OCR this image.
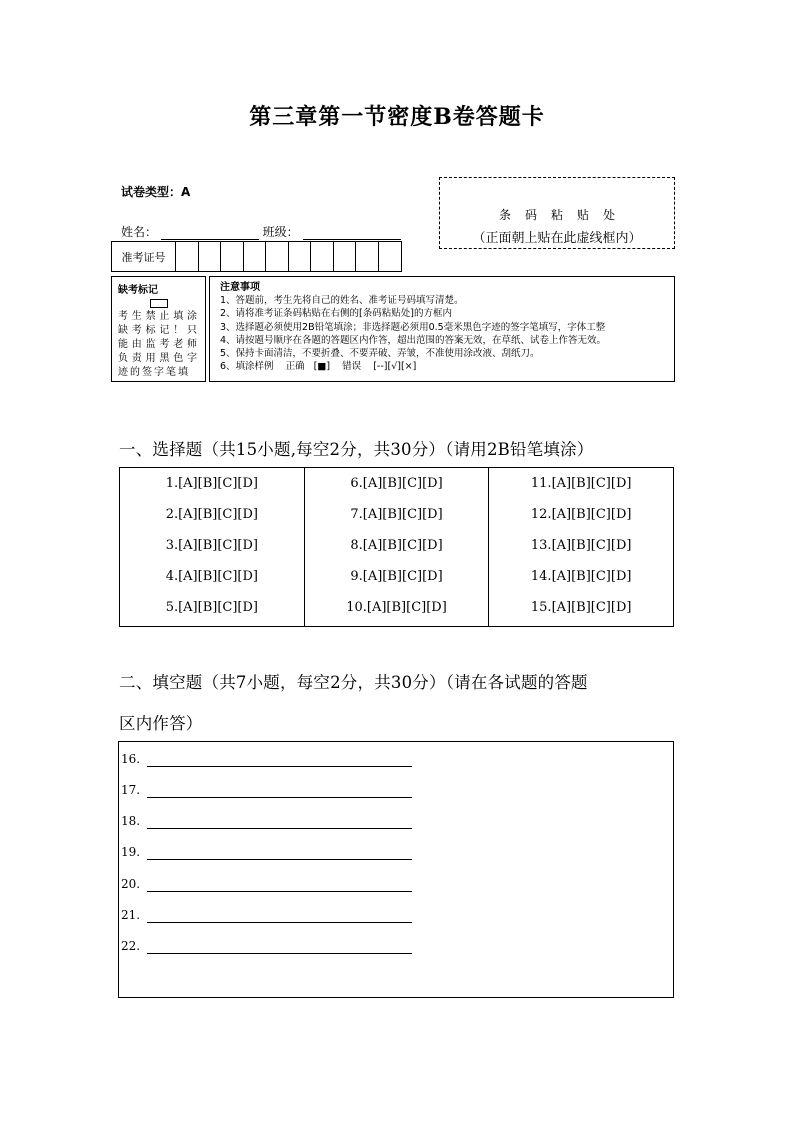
第三章第一节密度B卷答题卡
试卷类型：A
姓名：	班级：
条码粘贴处
（正面朝上贴在此虚线框内）
准考证号
缺考标记
考生禁止填涂缺考标记！只能由监考老师负责用黑色字迹的签字笔填
注意事项
1、答题前，考生先将自己的姓名、准考证号码填写清楚。
2、请将准考证条码粘贴在右侧的[条码粘贴处]的方框内
3、选择题必须使用2B铅笔填涂；非选择题必须用0.5毫米黑色字迹的签字笔填写，字体工整
4、请按题号顺序在各题的答题区内作答，超出范围的答案无效，在草纸、试卷上作答无效。
5、保持卡面清洁，不要折叠、不要弄破、弄皱，不准使用涂改液、刮纸刀。
6、填涂样例    正确   [■]    错误    [--][√][×]
一、选择题（共15小题,每空2分，共30分）（请用2B铅笔填涂）
1.[A][B][C][D]
2.[A][B][C][D]
3.[A][B][C][D]
4.[A][B][C][D]
5.[A][B][C][D]
6.[A][B][C][D]
7.[A][B][C][D]
8.[A][B][C][D]
9.[A][B][C][D]
10.[A][B][C][D]
11.[A][B][C][D]
12.[A][B][C][D]
13.[A][B][C][D]
14.[A][B][C][D]
15.[A][B][C][D]
二、填空题（共7小题，每空2分，共30分）（请在各试题的答题
区内作答）
16.
17.
18.
19.
20.
21.
22.
